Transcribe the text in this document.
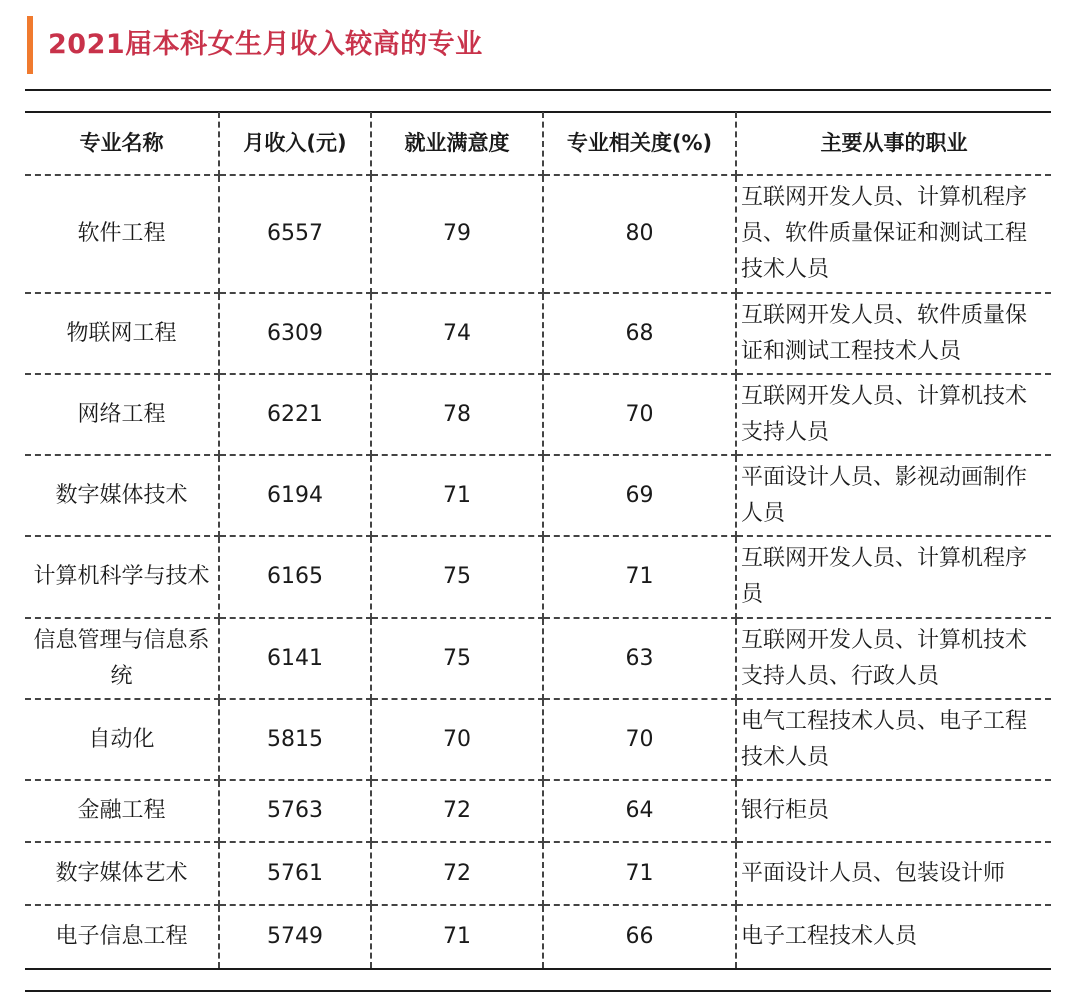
2021届本科女生月收入较高的专业
专业名称	月收入(元)	就业满意度	专业相关度(%)	主要从事的职业
软件工程	6557	79	80	互联网开发人员、计算机程序员、软件质量保证和测试工程技术人员
物联网工程	6309	74	68	互联网开发人员、软件质量保证和测试工程技术人员
网络工程	6221	78	70	互联网开发人员、计算机技术支持人员
数字媒体技术	6194	71	69	平面设计人员、影视动画制作人员
计算机科学与技术	6165	75	71	互联网开发人员、计算机程序员
信息管理与信息系统	6141	75	63	互联网开发人员、计算机技术支持人员、行政人员
自动化	5815	70	70	电气工程技术人员、电子工程技术人员
金融工程	5763	72	64	银行柜员
数字媒体艺术	5761	72	71	平面设计人员、包装设计师
电子信息工程	5749	71	66	电子工程技术人员
